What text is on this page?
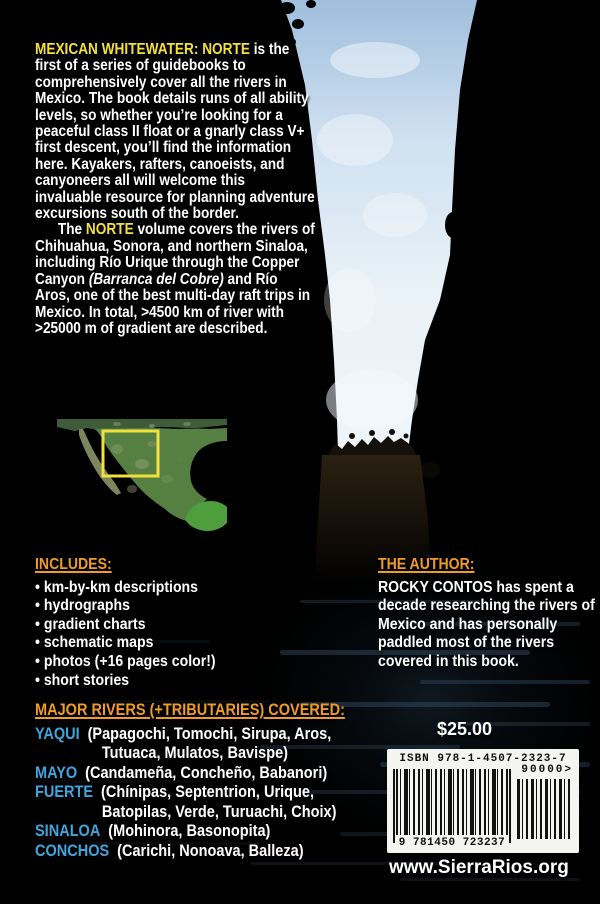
MEXICAN WHITEWATER: NORTE is the first of a series of guidebooks to comprehensively cover all the rivers in Mexico. The book details runs of all ability levels, so whether you’re looking for a peaceful class II float or a gnarly class V+ first descent, you’ll find the information here. Kayakers, rafters, canoeists, and canyoneers all will welcome this invaluable resource for planning adventure excursions south of the border.

The NORTE volume covers the rivers of Chihuahua, Sonora, and northern Sinaloa, including Río Urique through the Copper Canyon (Barranca del Cobre) and Río Aros, one of the best multi-day raft trips in Mexico. In total, >4500 km of river with >25000 m of gradient are described.

INCLUDES:
• km-by-km descriptions
• hydrographs
• gradient charts
• schematic maps
• photos (+16 pages color!)
• short stories
THE AUTHOR:

ROCKY CONTOS has spent a decade researching the rivers of Mexico and has personally paddled most of the rivers covered in this book.

MAJOR RIVERS (+TRIBUTARIES) COVERED:
YAQUI (Papagochi, Tomochi, Sirupa, Aros, Tutuaca, Mulatos, Bavispe)
MAYO (Candameña, Concheño, Babanori)
FUERTE (Chínipas, Septentrion, Urique, Batopilas, Verde, Turuachi, Choix)
SINALOA (Mohinora, Basonopita)
CONCHOS (Carichi, Nonoava, Balleza)
$25.00
ISBN 978-1-4507-2323-7
90000>
9 781450 723237
www.SierraRios.org
